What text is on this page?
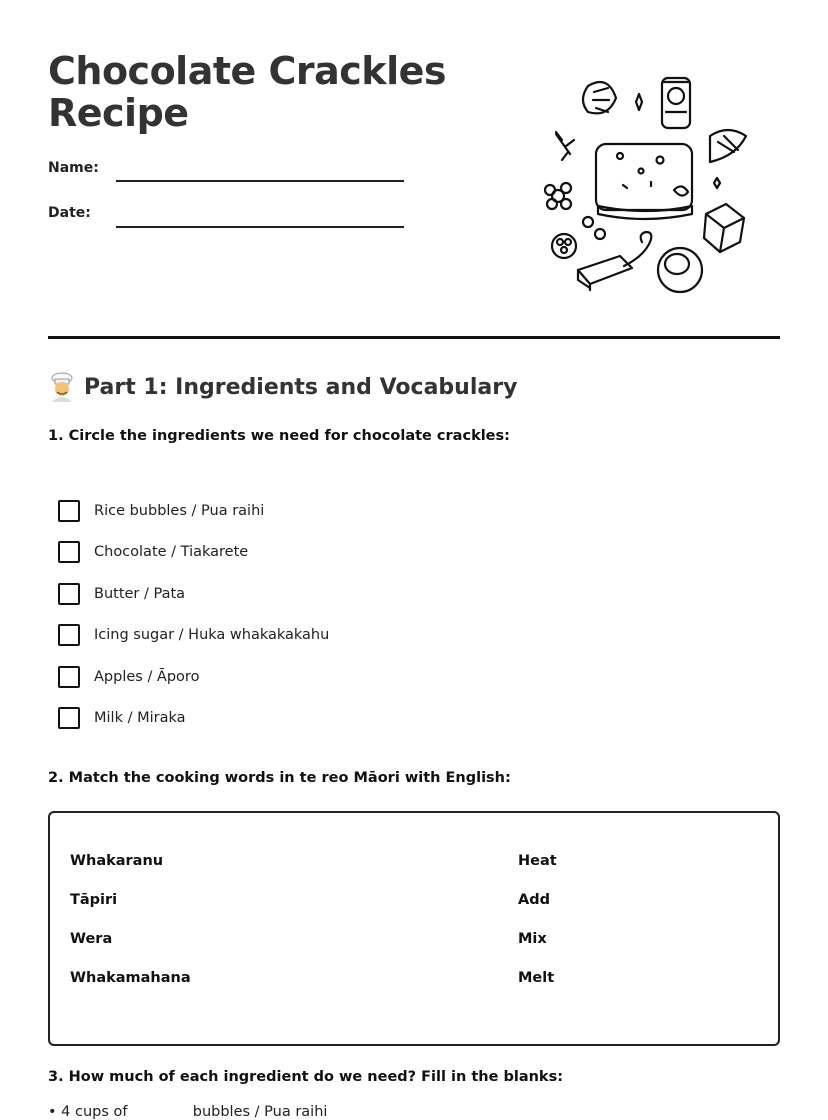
Chocolate Crackles Recipe
Name:
Date:
Part 1: Ingredients and Vocabulary
1. Circle the ingredients we need for chocolate crackles:
Rice bubbles / Pua raihi
Chocolate / Tiakarete
Butter / Pata
Icing sugar / Huka whakakakahu
Apples / Āporo
Milk / Miraka
2. Match the cooking words in te reo Māori with English:
Whakaranu
Tāpiri
Wera
Whakamahana
Heat
Add
Mix
Melt
3. How much of each ingredient do we need? Fill in the blanks:
• 4 cups of	bubbles / Pua raihi
